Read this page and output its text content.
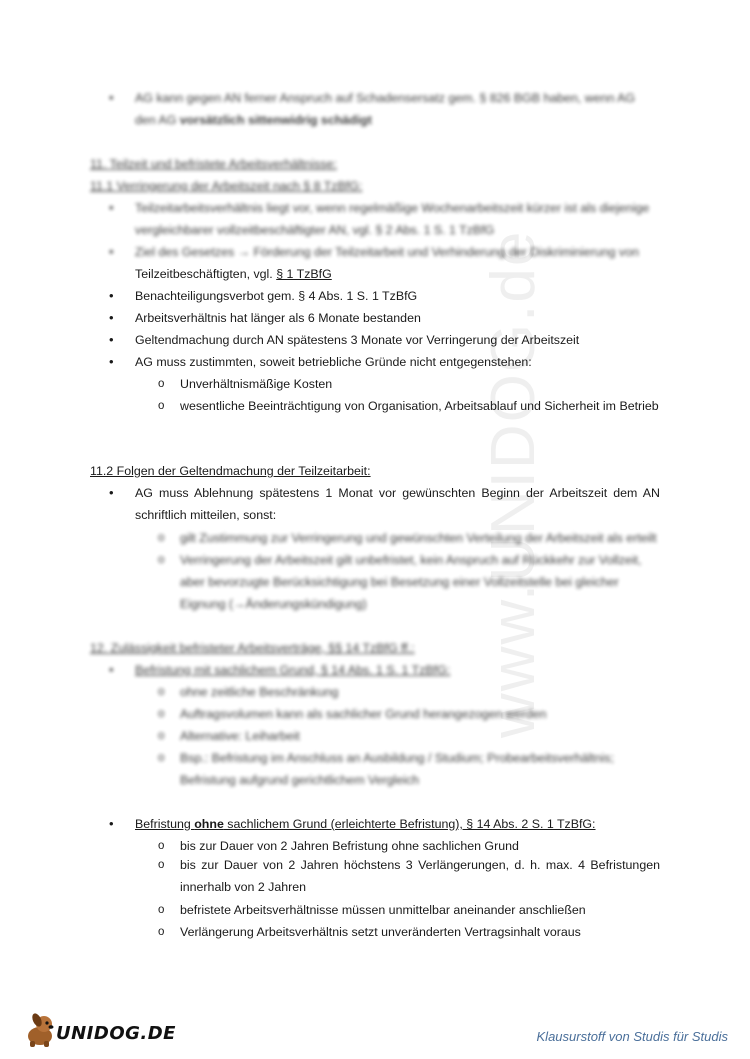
www.UNIDOG.de
• AG kann gegen AN ferner Anspruch auf Schadensersatz gem. § 826 BGB haben, wenn AG
den AG vorsätzlich sittenwidrig schädigt
11. Teilzeit und befristete Arbeitsverhältnisse:
11.1 Verringerung der Arbeitszeit nach § 8 TzBfG:
• Teilzeitarbeitsverhältnis liegt vor, wenn regelmäßige Wochenarbeitszeit kürzer ist als diejenige
vergleichbarer vollzeitbeschäftigter AN, vgl. § 2 Abs. 1 S. 1 TzBfG
• Ziel des Gesetzes → Förderung der Teilzeitarbeit und Verhinderung der Diskriminierung von
Teilzeitbeschäftigten, vgl. § 1 TzBfG
• Benachteiligungsverbot gem. § 4 Abs. 1 S. 1 TzBfG
• Arbeitsverhältnis hat länger als 6 Monate bestanden
• Geltendmachung durch AN spätestens 3 Monate vor Verringerung der Arbeitszeit
• AG muss zustimmten, soweit betriebliche Gründe nicht entgegenstehen:
o Unverhältnismäßige Kosten
o wesentliche Beeinträchtigung von Organisation, Arbeitsablauf und Sicherheit im Betrieb
11.2 Folgen der Geltendmachung der Teilzeitarbeit:
• AG muss Ablehnung spätestens 1 Monat vor gewünschten Beginn der Arbeitszeit dem AN schriftlich mitteilen, sonst:
o gilt Zustimmung zur Verringerung und gewünschten Verteilung der Arbeitszeit als erteilt
o Verringerung der Arbeitszeit gilt unbefristet, kein Anspruch auf Rückkehr zur Vollzeit,
aber bevorzugte Berücksichtigung bei Besetzung einer Vollzeitstelle bei gleicher
Eignung (→Änderungskündigung)
12. Zulässigkeit befristeter Arbeitsverträge, §§ 14 TzBfG ff.:
• Befristung mit sachlichem Grund, § 14 Abs. 1 S. 1 TzBfG:
o ohne zeitliche Beschränkung
o Auftragsvolumen kann als sachlicher Grund herangezogen werden
o Alternative: Leiharbeit
o Bsp.: Befristung im Anschluss an Ausbildung / Studium; Probearbeitsverhältnis;
Befristung aufgrund gerichtlichem Vergleich
• Befristung ohne sachlichem Grund (erleichterte Befristung), § 14 Abs. 2 S. 1 TzBfG:
o bis zur Dauer von 2 Jahren Befristung ohne sachlichen Grund
o bis zur Dauer von 2 Jahren höchstens 3 Verlängerungen, d. h. max. 4 Befristungen innerhalb von 2 Jahren
o befristete Arbeitsverhältnisse müssen unmittelbar aneinander anschließen
o Verlängerung Arbeitsverhältnis setzt unveränderten Vertragsinhalt voraus
UNIDOG.DE	Klausurstoff von Studis für Studis
